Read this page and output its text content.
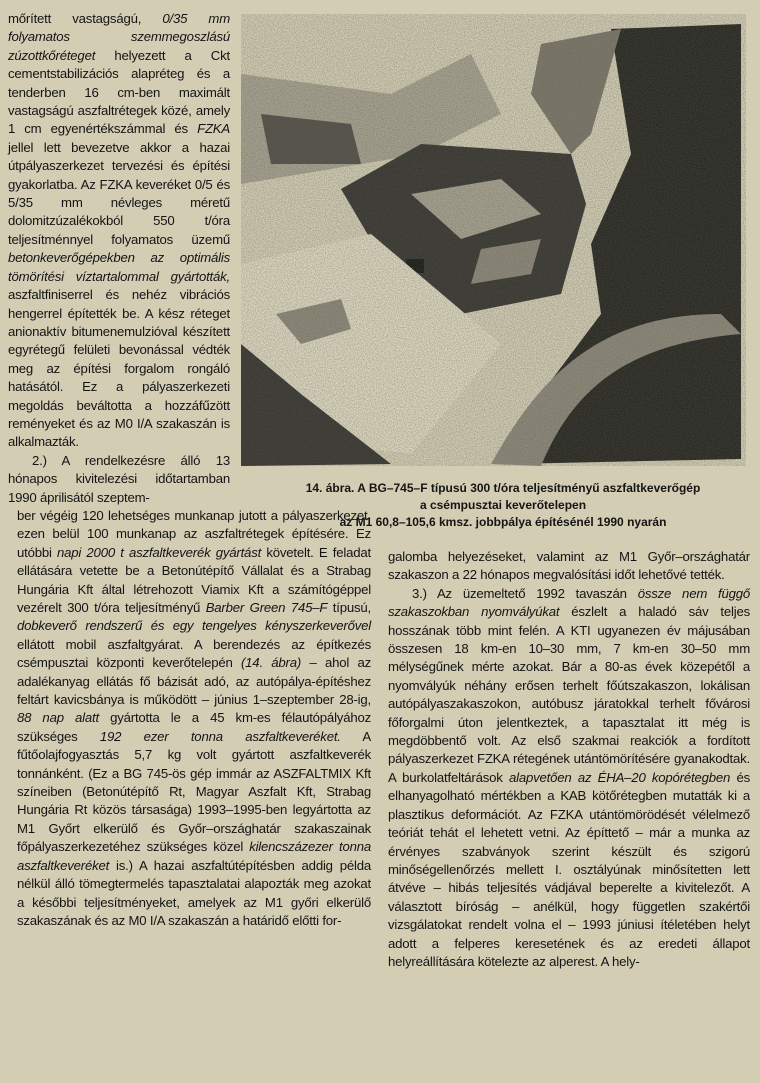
mőrített vastagságú, 0/35 mm folyamatos szemmegoszlású zúzottkőréteget helyezett a Ckt cementstabilizációs alapréteg és a tenderben 16 cm-ben maximált vastagságú aszfaltrétegek közé, amely 1 cm egyenértékszámmal és FZKA jellel lett bevezetve akkor a hazai útpályaszerkezet tervezési és építési gyakorlatba. Az FZKA keveréket 0/5 és 5/35 mm névleges méretű dolomitzúzalékokból 550 t/óra teljesítménnyel folyamatos üzemű betonkeverőgépekben az optimális tömörítési víztartalommal gyártották, aszfaltfiniserrel és nehéz vibrációs hengerrel építették be. A kész réteget anionaktív bitumenemulzióval készített egyrétegű felületi bevonással védték meg az építési forgalom rongáló hatásától. Ez a pályaszerkezeti megoldás beváltotta a hozzáfűzött reményeket és az M0 I/A szakaszán is alkalmazták.

2.) A rendelkezésre álló 13 hónapos kivitelezési időtartamban 1990 áprilisától szeptem-

ber végéig 120 lehetséges munkanap jutott a pályaszerkezet, ezen belül 100 munkanap az aszfaltrétegek építésére. Ez utóbbi napi 2000 t aszfaltkeverék gyártást követelt. E feladat ellátására vetette be a Betonútépítő Vállalat és a Strabag Hungária Kft által létrehozott Viamix Kft a számítógéppel vezérelt 300 t/óra teljesítményű Barber Green 745–F típusú, dobkeverő rendszerű és egy tengelyes kényszerkeverővel ellátott mobil aszfaltgyárat. A berendezés az építkezés csémpusztai központi keverőtelepén (14. ábra) – ahol az adalékanyag ellátás fő bázisát adó, az autópálya-építéshez feltárt kavicsbánya is működött – június 1–szeptember 28-ig, 88 nap alatt gyártotta le a 45 km-es félautópályához szükséges 192 ezer tonna aszfaltkeveréket. A fűtőolajfogyasztás 5,7 kg volt gyártott aszfaltkeverék tonnánként. (Ez a BG 745-ös gép immár az ASZFALTMIX Kft színeiben (Betonútépítő Rt, Magyar Aszfalt Kft, Strabag Hungária Rt közös társasága) 1993–1995-ben legyártotta az M1 Győrt elkerülő és Győr–országhatár szakaszainak főpályaszerkezetéhez szükséges közel kilencszázezer tonna aszfaltkeveréket is.) A hazai aszfaltútépítésben addig példa nélkül álló tömegtermelés tapasztalatai alapozták meg azokat a későbbi teljesítményeket, amelyek az M1 győri elkerülő szakaszának és az M0 I/A szakaszán a határidő előtti for-

14. ábra. A BG–745–F típusú 300 t/óra teljesítményű aszfaltkeverőgép
a csémpusztai keverőtelepen
az M1 60,8–105,6 kmsz. jobbpálya építésénél 1990 nyarán

galomba helyezéseket, valamint az M1 Győr–országhatár szakaszon a 22 hónapos megvalósítási időt lehetővé tették.

3.) Az üzemeltető 1992 tavaszán össze nem függő szakaszokban nyomvályúkat észlelt a haladó sáv teljes hosszának több mint felén. A KTI ugyanezen év májusában összesen 18 km-en 10–30 mm, 7 km-en 30–50 mm mélységűnek mérte azokat. Bár a 80-as évek közepétől a nyomvályúk néhány erősen terhelt főútszakaszon, lokálisan autópályaszakaszokon, autóbusz járatokkal terhelt fővárosi főforgalmi úton jelentkeztek, a tapasztalat itt még is megdöbbentő volt. Az első szakmai reakciók a fordított pályaszerkezet FZKA rétegének utántömörítésére gyanakodtak. A burkolatfeltárások alapvetően az ÉHA–20 kopórétegben és elhanyagolható mértékben a KAB kötőrétegben mutatták ki a plasztikus deformációt. Az FZKA utántömörödését vélelmező teóriát tehát el lehetett vetni. Az építtető – már a munka az érvényes szabványok szerint készült és szigorú minőségellenőrzés mellett I. osztályúnak minősítetten lett átvéve – hibás teljesítés vádjával beperelte a kivitelezőt. A választott bíróság – anélkül, hogy független szakértői vizsgálatokat rendelt volna el – 1993 júniusi ítéletében helyt adott a felperes keresetének és az eredeti állapot helyreállítására kötelezte az alperest. A hely-
